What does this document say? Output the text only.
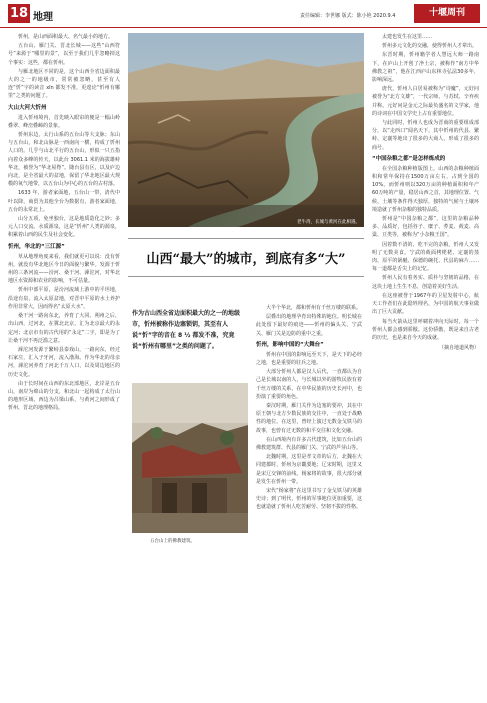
18 地理	责任编辑：李世娜 版式：陈小艳 2020.9.4	十堰周刊

忻州，是山西面积最大、名气最小的地方。

五台山、雁门关、晋北长城——这些“山西符号”来源于“哪里的景”，以至于我们几乎忽略掉这个事实：这些，都在忻州。

与雁北地区不同的是，这个山西全省边面积最大的之一的地级市，常常被忽略，甚至有人连“忻”字的读音 xīn 都发不准，更遑论“忻州有哪里”之类的问题了。

大山大河大忻州

进入忻州境内，首先映入眼帘的便是一幅山岭叠翠、峰峦叠嶂的景象。

忻州东边，太行山系的五台山等大支脉；东山与五台山，和北山脉是一西南向一横，构成了忻州人口的。几乎与山北平行的五台山，形似一只五指向着众多峰的传天，以此台 3061.1 米的海拔雄峙华北，被誉为“华北屋脊”。随台县有区，以及庐边向北，是全省最大的盆地，保留了华北地区最大规模的氧气地带，以五台山为中心的五台的古村落。

1633 年，游者家面地，五台山一带，清代中叶以降，商贸为其他全台为数据有，游者家面地，五台的永常北上。

山分五项，免坐独台，这是地质造化之妙；多元人口交流、水质源泉，这是“忻州”人类的源泉，积累着山西的民生及社会变化。

忻州，华北的“三江源”

草从地理角度来看，我们就更可以说：没有忻州，就没有华北地区今日的面貌与繁华。发源于忻州的三条河流——汾河、桑干河、滹沱河，对华北地区水资源和农业的影响，不可估量。

忻州中部平原，是汾河流域上游中的平坦地，沿途有泉，流入太原盆地，对晋中平原的水土养护作用非常大，因而得名“太原大水”。

桑干河一路向东北，养育了大同、朔州之后，出山西，过河北，在冀北北京，汇为北京最大的永定河；北京市有的古代用的“永定”二字，即是为了让桑干河不再泛滥之意。

滹沱河发源于繁峙县泰戏山，一路向东，经过石家庄，汇入子牙河，流入渤海。作为华北的母亲河，滹沱河养育了河北千万人口，以及周边地区的历史文化。

由于长时间在山西的东北部地区，北岸是五台山，南岸为绵山的分支，和北山一起构成了太行山的地形区域，西边为吕梁山系，与黄河之间形成了忻州、晋北的地理格局。

老牛湾，长城与黄河在此相遇。
山西“最大”的城市，到底有多“大”
作为古山西全省边面积最大的之一的地级市，忻州被称作边塞锁钥，其至有人说“忻”字的音在 8 ½ 都发不准，究竟说“忻州有哪里”之类的问题了。
五台山上的佛教建筑。

大半个华北，都和忻州有千丝万缕的联系。

层叠出的地理孕育出特殊的地位。明长城在此处留下最好的痕迹——忻州的偏头关、宁武关、雁门关是边防的重中之重。

忻州，影响中国的“大舞台”

忻州在中国的影响远至天下，是天下的必经之地，也是重要的驻兵之地。

大部分忻州人都是汉人后代，一直都认为自己是长城以南的人，与长城以外的游牧民族有着千丝万缕的关系，在中华民族的历史长河中，也扮演了重要的角色。

秦汉时期，雁门关作为边塞的要冲，其在中原王朝与北方少数民族的交往中，一直处于战略性的地位。在这里，曾经上演过无数金戈铁马的故事，也曾有过无数的和平交往和文化交融。

在山西境内有许多古代建筑，比如五台山的佛教建筑群、代县的雁门关、宁武的芦芽山等。

北魏时期，这里是孝文帝的后方，北魏在大同建都时，忻州为京畿要地；辽宋时期，这里又是宋辽交锋的前线，杨家将的故事，很大部分就是发生在忻州一带。

宋代“杨家将”在这里书写了金戈铁马的英雄史诗；到了明代，忻州的军事地位更加重要，这也就造就了忻州人吃苦耐劳、坚韧不拔的性格。

太建也发生在这里……

忻州多元文化的交融，使得忻州人才辈出。

东晋时期，忻州籍学者人慧远大师一路南下，在庐山上开创了净土宗，被称作“南方中华佛教之祖”，他在江西庐山东林寺弘法30多年，影响深远。

唐代，忻州人白居易被称为“诗魔”，元好问被誉为“北方文雄”，一代宗师，与苏轼、辛弃疾并称。元好问是金元之际最负盛名的文学家，他的诗词在中国文学史上占有重要地位。

与此同时，忻州人也成为晋商的重要组成部分，以“走西口”闻名天下，其中忻州的代县、繁峙、定襄等地出了很多的大商人，形成了很多的商号。

“中国杂粮之都”是怎样炼成的

在全国杂粮种植版图上，山西的杂粮种植面积和常年保持在1500万亩左右，占到全国的10%。而忻州则以320万亩的种植面积和年产60万吨的产量，稳居山西之首，其地理位置、气候、土壤等条件得天独厚，独特的气候与土壤环境造就了忻州杂粮的独特品质。

忻州是“中国杂粮之都”，这里的杂粮品种多、品质好，包括谷子、糜子、荞麦、莜麦、高粱、豆类等，被称为“小杂粮王国”。

因着数不清的、吃不完的杂粮，忻州人又发明了无数美食。宁武的莜面栲栳栳、定襄的蒸肉、原平的锅魁、保德的碗托、代县的麻片……每一道都是舌尖上的记忆。

忻州人民有着务实、质朴与坚韧的品格，在这块土地上生生不息，创造着美好生活。

在这座被誉于1967年的卫星发射中心，航天工作者们在此隐姓埋名，为中国的航天事业做出了巨大贡献。

每当火箭从这里呼啸着冲向天际时，每一个忻州人都会感到骄傲。这份骄傲，既是来自古老的历史，也是来自今天的成就。

（摘自地道风物）
